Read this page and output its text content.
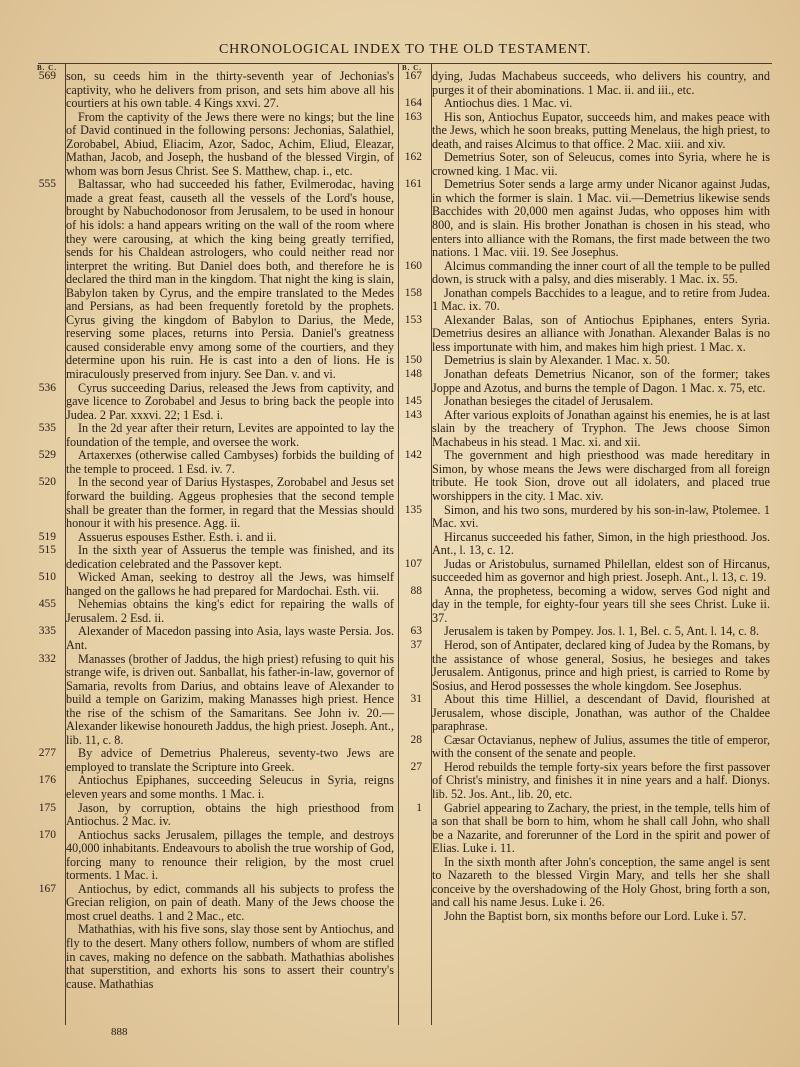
CHRONOLOGICAL INDEX TO THE OLD TESTAMENT.
B. C.	B. C.
569 son, su ceeds him in the thirty-seventh year of Jechonias's captivity, who he delivers from prison, and sets him above all his courtiers at his own table. 4 Kings xxvi. 27.
From the captivity of the Jews there were no kings; but the line of David continued in the following persons: Jechonias, Salathiel, Zorobabel, Abiud, Eliacim, Azor, Sadoc, Achim, Eliud, Eleazar, Mathan, Jacob, and Joseph, the husband of the blessed Virgin, of whom was born Jesus Christ. See S. Matthew, chap. i., etc.
555 Baltassar, who had succeeded his father, Evilmerodac, having made a great feast, causeth all the vessels of the Lord's house, brought by Nabuchodonosor from Jerusalem, to be used in honour of his idols: a hand appears writing on the wall of the room where they were carousing, at which the king being greatly terrified, sends for his Chaldean astrologers, who could neither read nor interpret the writing. But Daniel does both, and therefore he is declared the third man in the kingdom. That night the king is slain, Babylon taken by Cyrus, and the empire translated to the Medes and Persians, as had been frequently foretold by the prophets. Cyrus giving the kingdom of Babylon to Darius, the Mede, reserving some places, returns into Persia. Daniel's greatness caused considerable envy among some of the courtiers, and they determine upon his ruin. He is cast into a den of lions. He is miraculously preserved from injury. See Dan. v. and vi.
536 Cyrus succeeding Darius, released the Jews from captivity, and gave licence to Zorobabel and Jesus to bring back the people into Judea. 2 Par. xxxvi. 22; 1 Esd. i.
535 In the 2d year after their return, Levites are appointed to lay the foundation of the temple, and oversee the work.
529 Artaxerxes (otherwise called Cambyses) forbids the building of the temple to proceed. 1 Esd. iv. 7.
520 In the second year of Darius Hystaspes, Zorobabel and Jesus set forward the building. Aggeus prophesies that the second temple shall be greater than the former, in regard that the Messias should honour it with his presence. Agg. ii.
519 Assuerus espouses Esther. Esth. i. and ii.
515 In the sixth year of Assuerus the temple was finished, and its dedication celebrated and the Passover kept.
510 Wicked Aman, seeking to destroy all the Jews, was himself hanged on the gallows he had prepared for Mardochai. Esth. vii.
455 Nehemias obtains the king's edict for repairing the walls of Jerusalem. 2 Esd. ii.
335 Alexander of Macedon passing into Asia, lays waste Persia. Jos. Ant.
332 Manasses (brother of Jaddus, the high priest) refusing to quit his strange wife, is driven out. Sanballat, his father-in-law, governor of Samaria, revolts from Darius, and obtains leave of Alexander to build a temple on Garizim, making Manasses high priest. Hence the rise of the schism of the Samaritans. See John iv. 20.—Alexander likewise honoureth Jaddus, the high priest. Joseph. Ant., lib. 11, c. 8.
277 By advice of Demetrius Phalereus, seventy-two Jews are employed to translate the Scripture into Greek.
176 Antiochus Epiphanes, succeeding Seleucus in Syria, reigns eleven years and some months. 1 Mac. i.
175 Jason, by corruption, obtains the high priesthood from Antiochus. 2 Mac. iv.
170 Antiochus sacks Jerusalem, pillages the temple, and destroys 40,000 inhabitants. Endeavours to abolish the true worship of God, forcing many to renounce their religion, by the most cruel torments. 1 Mac. i.
167 Antiochus, by edict, commands all his subjects to profess the Grecian religion, on pain of death. Many of the Jews choose the most cruel deaths. 1 and 2 Mac., etc.
Mathathias, with his five sons, slay those sent by Antiochus, and fly to the desert. Many others follow, numbers of whom are stifled in caves, making no defence on the sabbath. Mathathias abolishes that superstition, and exhorts his sons to assert their country's cause. Mathathias
167 dying, Judas Machabeus succeeds, who delivers his country, and purges it of their abominations. 1 Mac. ii. and iii., etc.
164 Antiochus dies. 1 Mac. vi.
163 His son, Antiochus Eupator, succeeds him, and makes peace with the Jews, which he soon breaks, putting Menelaus, the high priest, to death, and raises Alcimus to that office. 2 Mac. xiii. and xiv.
162 Demetrius Soter, son of Seleucus, comes into Syria, where he is crowned king. 1 Mac. vii.
161 Demetrius Soter sends a large army under Nicanor against Judas, in which the former is slain. 1 Mac. vii.—Demetrius likewise sends Bacchides with 20,000 men against Judas, who opposes him with 800, and is slain. His brother Jonathan is chosen in his stead, who enters into alliance with the Romans, the first made between the two nations. 1 Mac. viii. 19. See Josephus.
160 Alcimus commanding the inner court of all the temple to be pulled down, is struck with a palsy, and dies miserably. 1 Mac. ix. 55.
158 Jonathan compels Bacchides to a league, and to retire from Judea. 1 Mac. ix. 70.
153 Alexander Balas, son of Antiochus Epiphanes, enters Syria. Demetrius desires an alliance with Jonathan. Alexander Balas is no less importunate with him, and makes him high priest. 1 Mac. x.
150 Demetrius is slain by Alexander. 1 Mac. x. 50.
148 Jonathan defeats Demetrius Nicanor, son of the former; takes Joppe and Azotus, and burns the temple of Dagon. 1 Mac. x. 75, etc.
145 Jonathan besieges the citadel of Jerusalem.
143 After various exploits of Jonathan against his enemies, he is at last slain by the treachery of Tryphon. The Jews choose Simon Machabeus in his stead. 1 Mac. xi. and xii.
142 The government and high priesthood was made hereditary in Simon, by whose means the Jews were discharged from all foreign tribute. He took Sion, drove out all idolaters, and placed true worshippers in the city. 1 Mac. xiv.
135 Simon, and his two sons, murdered by his son-in-law, Ptolemee. 1 Mac. xvi.
Hircanus succeeded his father, Simon, in the high priesthood. Jos. Ant., l. 13, c. 12.
107 Judas or Aristobulus, surnamed Philellan, eldest son of Hircanus, succeeded him as governor and high priest. Joseph. Ant., l. 13, c. 19.
88 Anna, the prophetess, becoming a widow, serves God night and day in the temple, for eighty-four years till she sees Christ. Luke ii. 37.
63 Jerusalem is taken by Pompey. Jos. l. 1, Bel. c. 5, Ant. l. 14, c. 8.
37 Herod, son of Antipater, declared king of Judea by the Romans, by the assistance of whose general, Sosius, he besieges and takes Jerusalem. Antigonus, prince and high priest, is carried to Rome by Sosius, and Herod possesses the whole kingdom. See Josephus.
31 About this time Hilliel, a descendant of David, flourished at Jerusalem, whose disciple, Jonathan, was author of the Chaldee paraphrase.
28 Cæsar Octavianus, nephew of Julius, assumes the title of emperor, with the consent of the senate and people.
27 Herod rebuilds the temple forty-six years before the first passover of Christ's ministry, and finishes it in nine years and a half. Dionys. lib. 52. Jos. Ant., lib. 20, etc.
1 Gabriel appearing to Zachary, the priest, in the temple, tells him of a son that shall be born to him, whom he shall call John, who shall be a Nazarite, and forerunner of the Lord in the spirit and power of Elias. Luke i. 11.
In the sixth month after John's conception, the same angel is sent to Nazareth to the blessed Virgin Mary, and tells her she shall conceive by the overshadowing of the Holy Ghost, bring forth a son, and call his name Jesus. Luke i. 26.
John the Baptist born, six months before our Lord. Luke i. 57.
888
